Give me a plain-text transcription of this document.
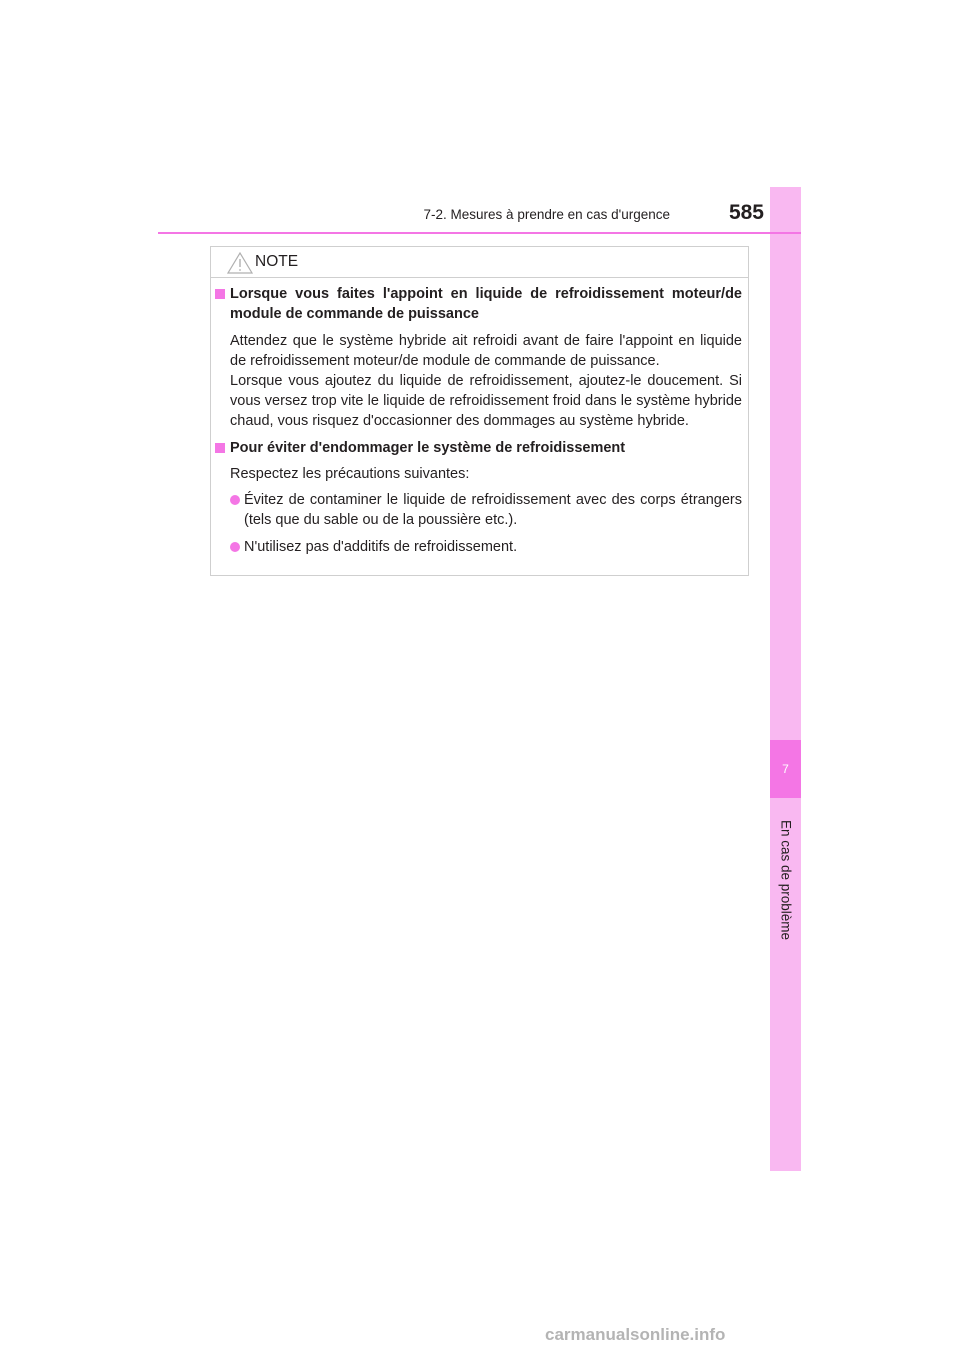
7
En cas de problème
7-2. Mesures à prendre en cas d'urgence	585
NOTE

Lorsque vous faites l'appoint en liquide de refroidissement moteur/de module de commande de puissance

Attendez que le système hybride ait refroidi avant de faire l'appoint en liquide de refroidissement moteur/de module de commande de puissance.

Lorsque vous ajoutez du liquide de refroidissement, ajoutez-le doucement. Si vous versez trop vite le liquide de refroidissement froid dans le système hybride chaud, vous risquez d'occasionner des dommages au système hybride.

Pour éviter d'endommager le système de refroidissement

Respectez les précautions suivantes:

Évitez de contaminer le liquide de refroidissement avec des corps étrangers (tels que du sable ou de la poussière etc.).

N'utilisez pas d'additifs de refroidissement.

carmanualsonline.info
